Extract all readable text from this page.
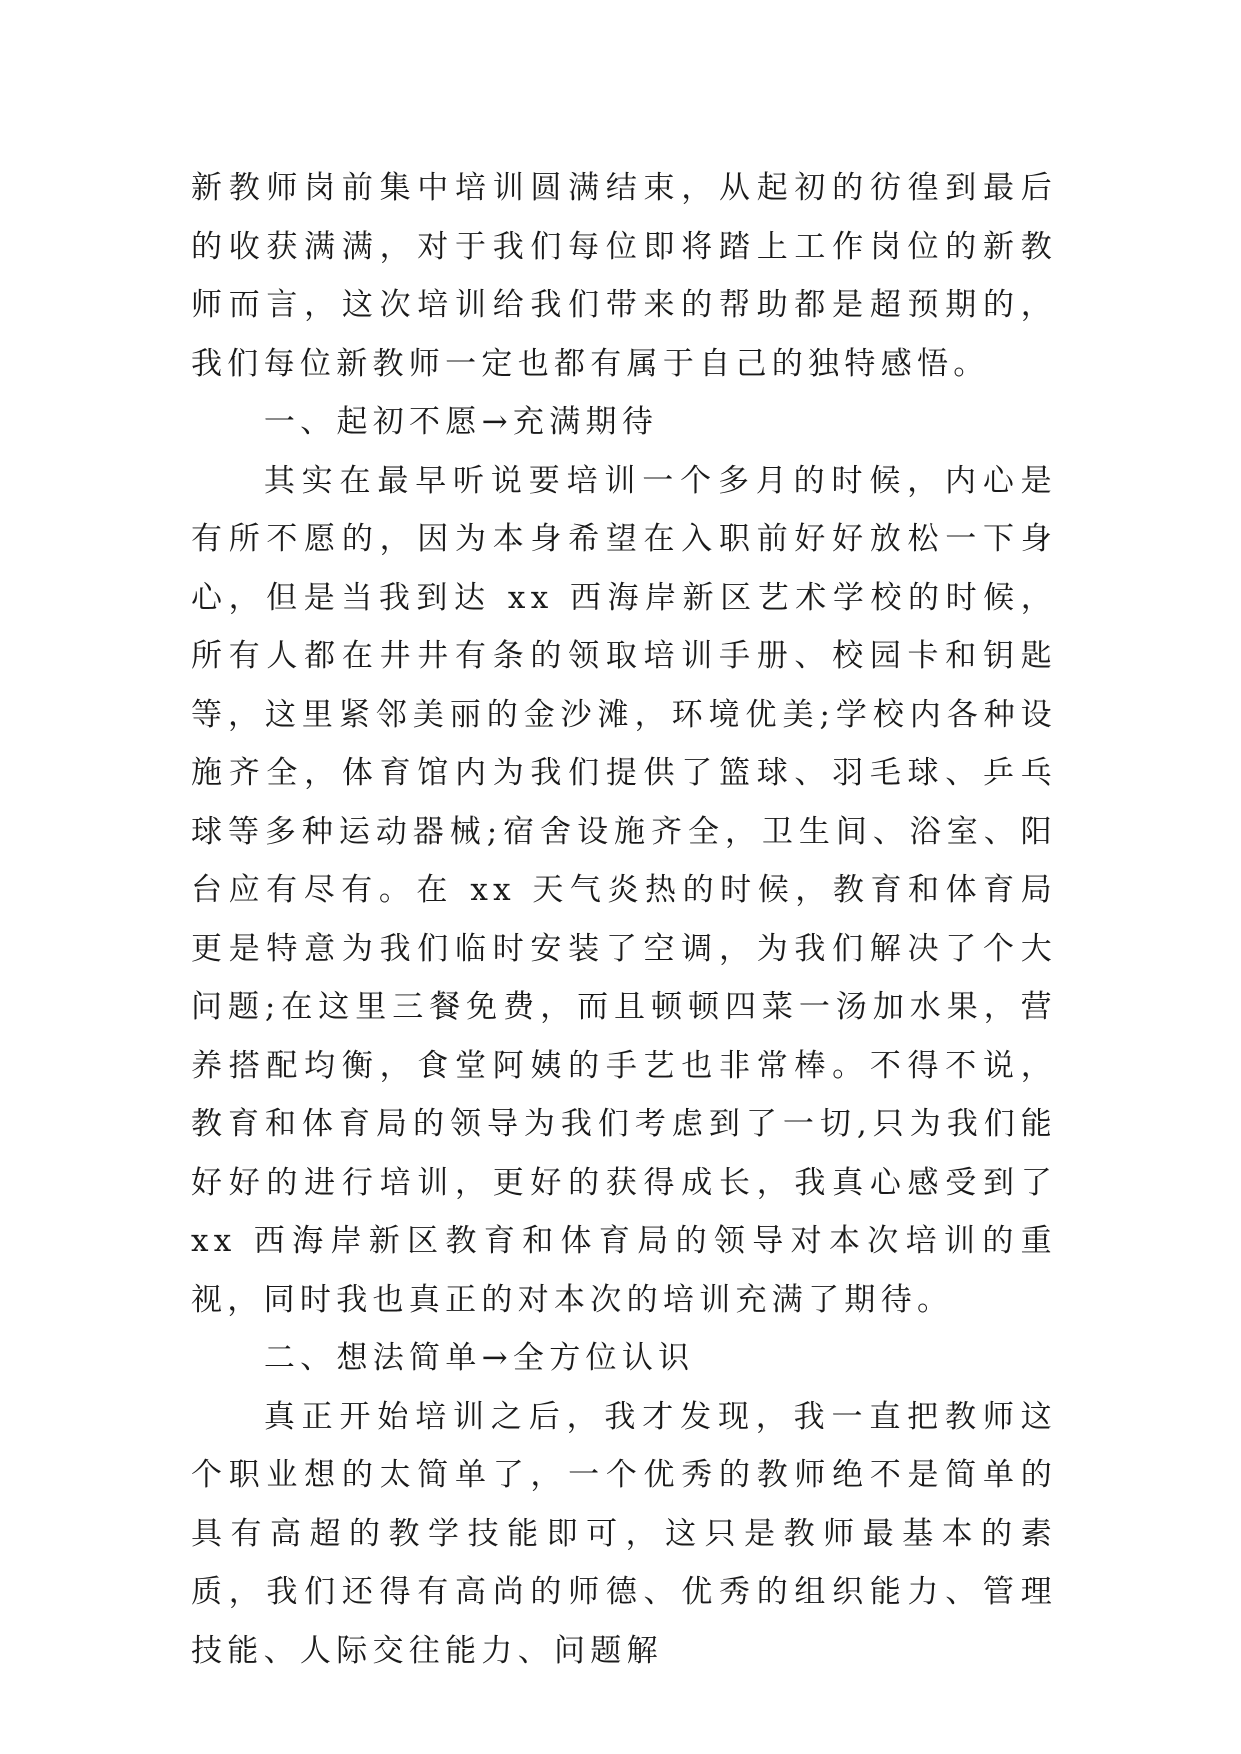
新教师岗前集中培训圆满结束，从起初的彷徨到最后的收获满满，对于我们每位即将踏上工作岗位的新教师而言，这次培训给我们带来的帮助都是超预期的，我们每位新教师一定也都有属于自己的独特感悟。

一、起初不愿→充满期待

其实在最早听说要培训一个多月的时候，内心是有所不愿的，因为本身希望在入职前好好放松一下身心，但是当我到达 xx 西海岸新区艺术学校的时候，所有人都在井井有条的领取培训手册、校园卡和钥匙等，这里紧邻美丽的金沙滩，环境优美;学校内各种设施齐全，体育馆内为我们提供了篮球、羽毛球、乒乓球等多种运动器械;宿舍设施齐全，卫生间、浴室、阳台应有尽有。在 xx 天气炎热的时候，教育和体育局更是特意为我们临时安装了空调，为我们解决了个大问题;在这里三餐免费，而且顿顿四菜一汤加水果，营养搭配均衡，食堂阿姨的手艺也非常棒。不得不说，教育和体育局的领导为我们考虑到了一切,只为我们能好好的进行培训，更好的获得成长，我真心感受到了 xx 西海岸新区教育和体育局的领导对本次培训的重视，同时我也真正的对本次的培训充满了期待。

二、想法简单→全方位认识

真正开始培训之后，我才发现，我一直把教师这个职业想的太简单了，一个优秀的教师绝不是简单的具有高超的教学技能即可，这只是教师最基本的素质，我们还得有高尚的师德、优秀的组织能力、管理技能、人际交往能力、问题解
